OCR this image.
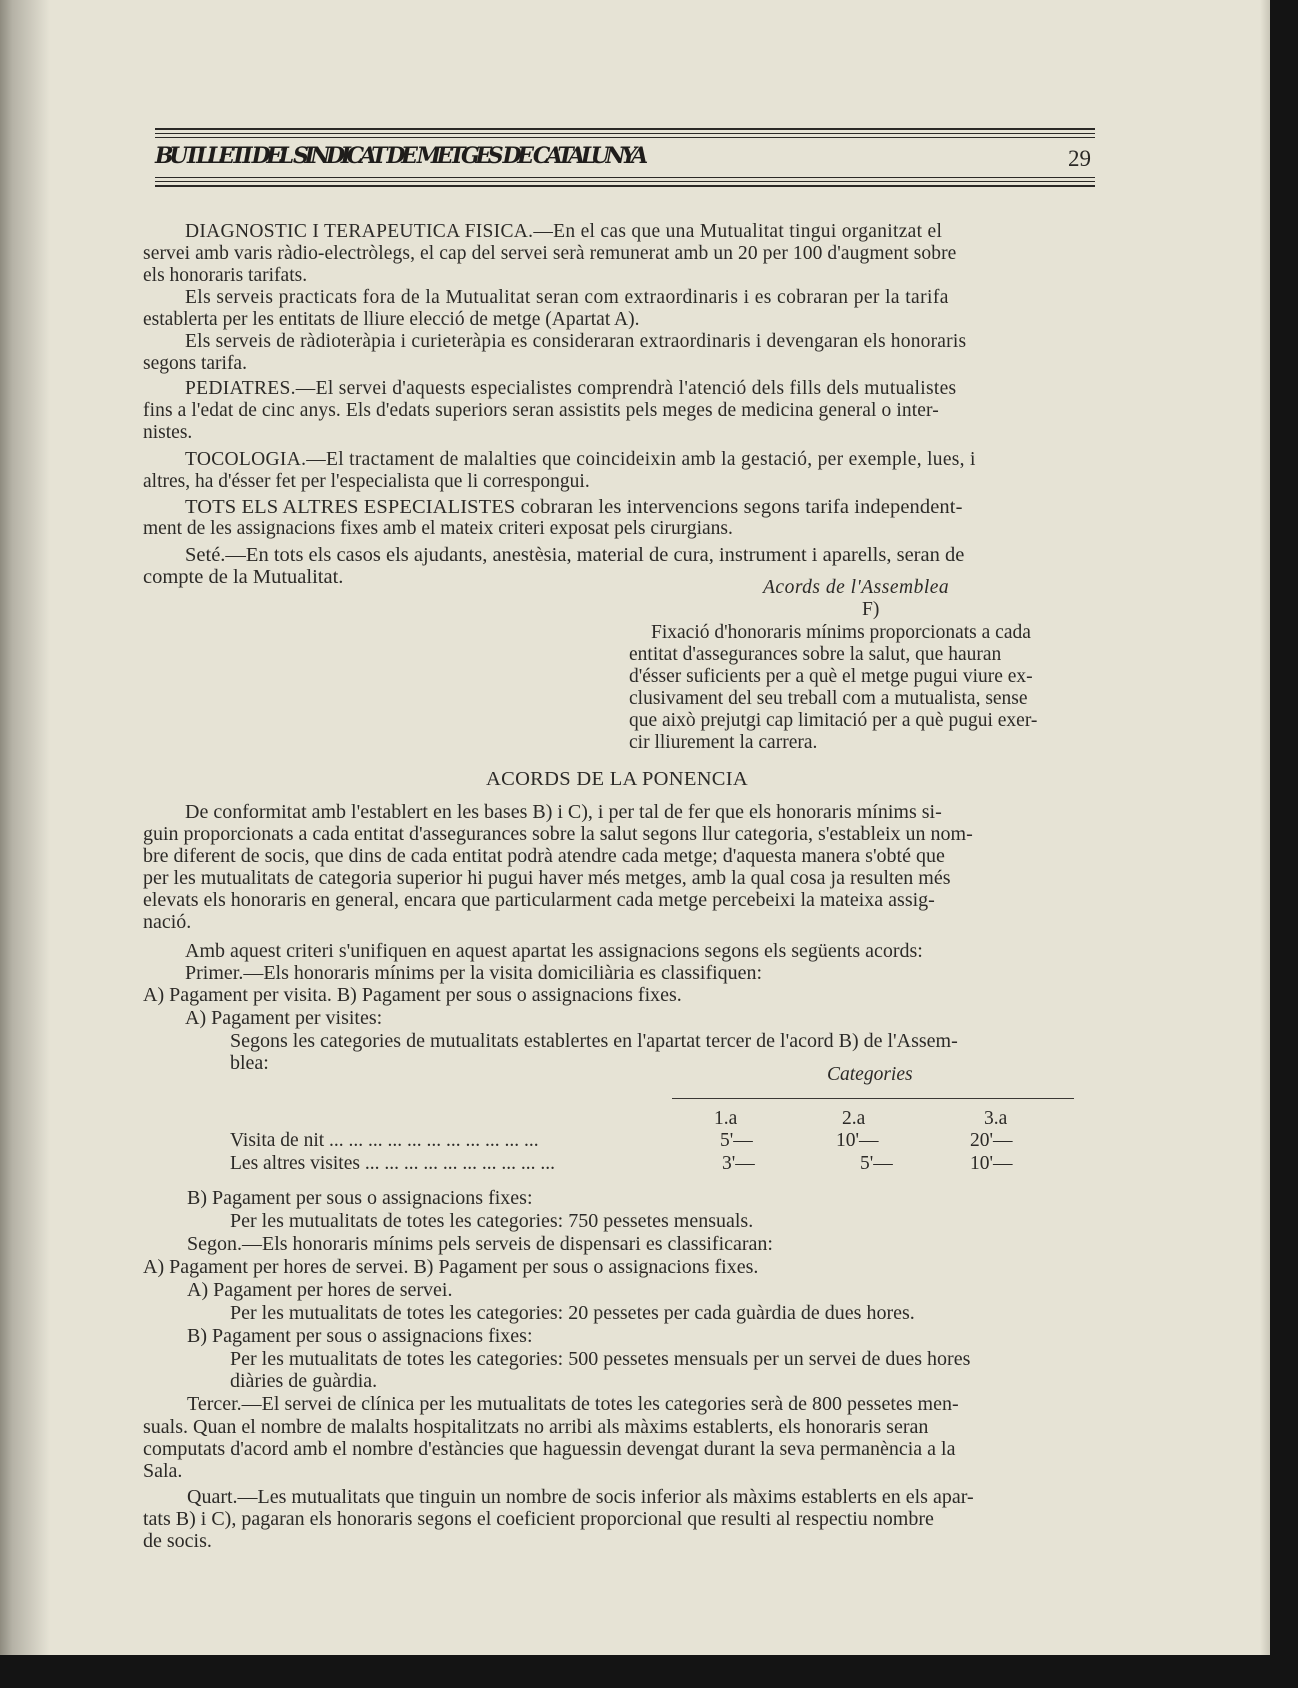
BUTLLETI DEL SINDICAT DE METGES DE CATALUNYA	29
DIAGNOSTIC I TERAPEUTICA FISICA.—En el cas que una Mutualitat tingui organitzat el
servei amb varis ràdio-electròlegs, el cap del servei serà remunerat amb un 20 per 100 d'augment sobre
els honoraris tarifats.
Els serveis practicats fora de la Mutualitat seran com extraordinaris i es cobraran per la tarifa
establerta per les entitats de lliure elecció de metge (Apartat A).
Els serveis de ràdioteràpia i curieteràpia es consideraran extraordinaris i devengaran els honoraris
segons tarifa.
PEDIATRES.—El servei d'aquests especialistes comprendrà l'atenció dels fills dels mutualistes
fins a l'edat de cinc anys. Els d'edats superiors seran assistits pels meges de medicina general o inter-
nistes.
TOCOLOGIA.—El tractament de malalties que coincideixin amb la gestació, per exemple, lues, i
altres, ha d'ésser fet per l'especialista que li correspongui.
TOTS ELS ALTRES ESPECIALISTES cobraran les intervencions segons tarifa independent-
ment de les assignacions fixes amb el mateix criteri exposat pels cirurgians.
Seté.—En tots els casos els ajudants, anestèsia, material de cura, instrument i aparells, seran de
compte de la Mutualitat.	Acords de l'Assemblea
F)
Fixació d'honoraris mínims proporcionats a cada
entitat d'assegurances sobre la salut, que hauran
d'ésser suficients per a què el metge pugui viure ex-
clusivament del seu treball com a mutualista, sense
que això prejutgi cap limitació per a què pugui exer-
cir lliurement la carrera.
ACORDS DE LA PONENCIA
De conformitat amb l'establert en les bases B) i C), i per tal de fer que els honoraris mínims si-
guin proporcionats a cada entitat d'assegurances sobre la salut segons llur categoria, s'estableix un nom-
bre diferent de socis, que dins de cada entitat podrà atendre cada metge; d'aquesta manera s'obté que
per les mutualitats de categoria superior hi pugui haver més metges, amb la qual cosa ja resulten més
elevats els honoraris en general, encara que particularment cada metge percebeixi la mateixa assig-
nació.
Amb aquest criteri s'unifiquen en aquest apartat les assignacions segons els següents acords:
Primer.—Els honoraris mínims per la visita domiciliària es classifiquen:
A) Pagament per visita. B) Pagament per sous o assignacions fixes.
A) Pagament per visites:
Segons les categories de mutualitats establertes en l'apartat tercer de l'acord B) de l'Assem-
blea:
Categories
1.a	2.a	3.a
Visita de nit ... ... ... ... ... ... ... ... ... ... ...	5'—	10'—	20'—
Les altres visites ... ... ... ... ... ... ... ... ... ...	3'—	5'—	10'—
B) Pagament per sous o assignacions fixes:
Per les mutualitats de totes les categories: 750 pessetes mensuals.
Segon.—Els honoraris mínims pels serveis de dispensari es classificaran:
A) Pagament per hores de servei. B) Pagament per sous o assignacions fixes.
A) Pagament per hores de servei.
Per les mutualitats de totes les categories: 20 pessetes per cada guàrdia de dues hores.
B) Pagament per sous o assignacions fixes:
Per les mutualitats de totes les categories: 500 pessetes mensuals per un servei de dues hores
diàries de guàrdia.
Tercer.—El servei de clínica per les mutualitats de totes les categories serà de 800 pessetes men-
suals. Quan el nombre de malalts hospitalitzats no arribi als màxims establerts, els honoraris seran
computats d'acord amb el nombre d'estàncies que haguessin devengat durant la seva permanència a la
Sala.
Quart.—Les mutualitats que tinguin un nombre de socis inferior als màxims establerts en els apar-
tats B) i C), pagaran els honoraris segons el coeficient proporcional que resulti al respectiu nombre
de socis.
